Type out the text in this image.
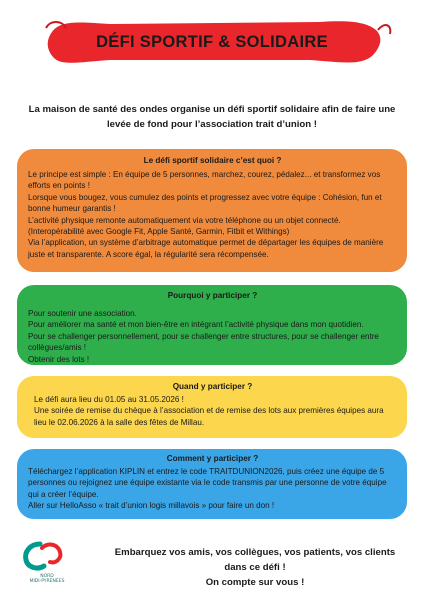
DÉFI SPORTIF & SOLIDAIRE
La maison de santé des ondes organise un défi sportif solidaire afin de faire une levée de fond pour l’association trait d’union !
Le défi sportif solidaire c’est quoi ?

Le principe est simple : En équipe de 5 personnes, marchez, courez, pédalez... et transformez vos efforts en points !

Lorsque vous bougez, vous cumulez des points et progressez avec votre équipe : Cohésion, fun et bonne humeur garantis !

L’activité physique remonte automatiquement via votre téléphone ou un objet connecté. (Interopérabilité avec Google Fit, Apple Santé, Garmin, Fitbit et Withings)

Via l’application, un système d’arbitrage automatique permet de départager les équipes de manière juste et transparente. A score égal, la régularité sera récompensée.

Pourquoi y participer ?

Pour soutenir une association.

Pour améliorer ma santé et mon bien-être en intégrant l’activité physique dans mon quotidien.

Pour se challenger personnellement, pour se challenger entre structures, pour se challenger entre collègues/amis !

Obtenir des lots !

Quand y participer ?

Le défi aura lieu du 01.05 au 31.05.2026 !

Une soirée de remise du chèque à l’association et de remise des lots aux premières équipes aura lieu le 02.06.2026 à la salle des fêtes de Millau.

Comment y participer ?

Téléchargez l’application KIPLIN et entrez le code TRAITDUNION2026, puis créez une équipe de 5 personnes ou rejoignez une équipe existante via le code transmis par une personne de votre équipe qui a créer l’équipe.

Aller sur HelloAsso « trait d’union logis millavois » pour faire un don !

NORD
MIDI-PYRÉNÉES
Embarquez vos amis, vos collègues, vos patients, vos clients dans ce défi !
On compte sur vous !
